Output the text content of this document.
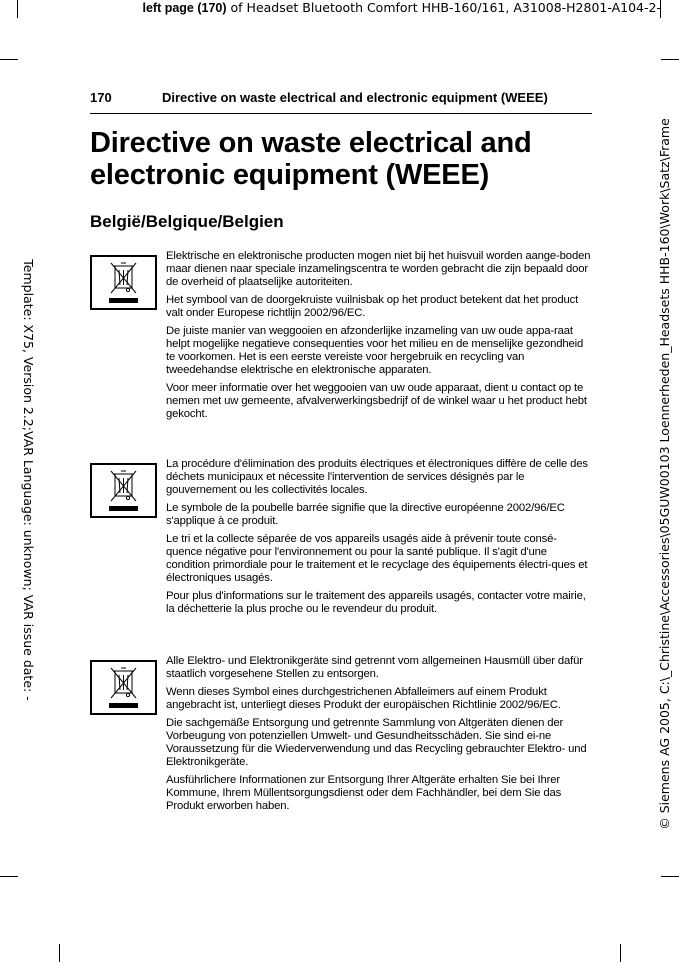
left page (170) of Headset Bluetooth Comfort HHB-160/161, A31008-H2801-A104-2-
Template: X75, Version 2.2;VAR Language: unknown; VAR issue date: -	© Siemens AG 2005, C:\_Christine\Accessories\05GUW00103 Loennerheden_Headsets HHB-160\Work\Satz\Frame
170	Directive on waste electrical and electronic equipment (WEEE)
Directive on waste electrical and
electronic equipment (WEEE)
België/Belgique/Belgien

Elektrische en elektronische producten mogen niet bij het huisvuil worden aange-boden maar dienen naar speciale inzamelingscentra te worden gebracht die zijn bepaald door de overheid of plaatselijke autoriteiten.

Het symbool van de doorgekruiste vuilnisbak op het product betekent dat het product valt onder Europese richtlijn 2002/96/EC.

De juiste manier van weggooien en afzonderlijke inzameling van uw oude appa-raat helpt mogelijke negatieve consequenties voor het milieu en de menselijke gezondheid te voorkomen. Het is een eerste vereiste voor hergebruik en recycling van tweedehandse elektrische en elektronische apparaten.

Voor meer informatie over het weggooien van uw oude apparaat, dient u contact op te nemen met uw gemeente, afvalverwerkingsbedrijf of de winkel waar u het product hebt gekocht.

La procédure d'élimination des produits électriques et électroniques diffère de celle des déchets municipaux et nécessite l'intervention de services désignés par le gouvernement ou les collectivités locales.

Le symbole de la poubelle barrée signifie que la directive européenne 2002/96/EC s'applique à ce produit.

Le tri et la collecte séparée de vos appareils usagés aide à prévenir toute consé-quence négative pour l'environnement ou pour la santé publique. Il s'agit d'une condition primordiale pour le traitement et le recyclage des équipements électri-ques et électroniques usagés.

Pour plus d'informations sur le traitement des appareils usagés, contacter votre mairie, la déchetterie la plus proche ou le revendeur du produit.

Alle Elektro- und Elektronikgeräte sind getrennt vom allgemeinen Hausmüll über dafür staatlich vorgesehene Stellen zu entsorgen.

Wenn dieses Symbol eines durchgestrichenen Abfalleimers auf einem Produkt angebracht ist, unterliegt dieses Produkt der europäischen Richtlinie 2002/96/EC.

Die sachgemäße Entsorgung und getrennte Sammlung von Altgeräten dienen der Vorbeugung von potenziellen Umwelt- und Gesundheitsschäden. Sie sind ei-ne Voraussetzung für die Wiederverwendung und das Recycling gebrauchter Elektro- und Elektronikgeräte.

Ausführlichere Informationen zur Entsorgung Ihrer Altgeräte erhalten Sie bei Ihrer Kommune, Ihrem Müllentsorgungsdienst oder dem Fachhändler, bei dem Sie das Produkt erworben haben.
